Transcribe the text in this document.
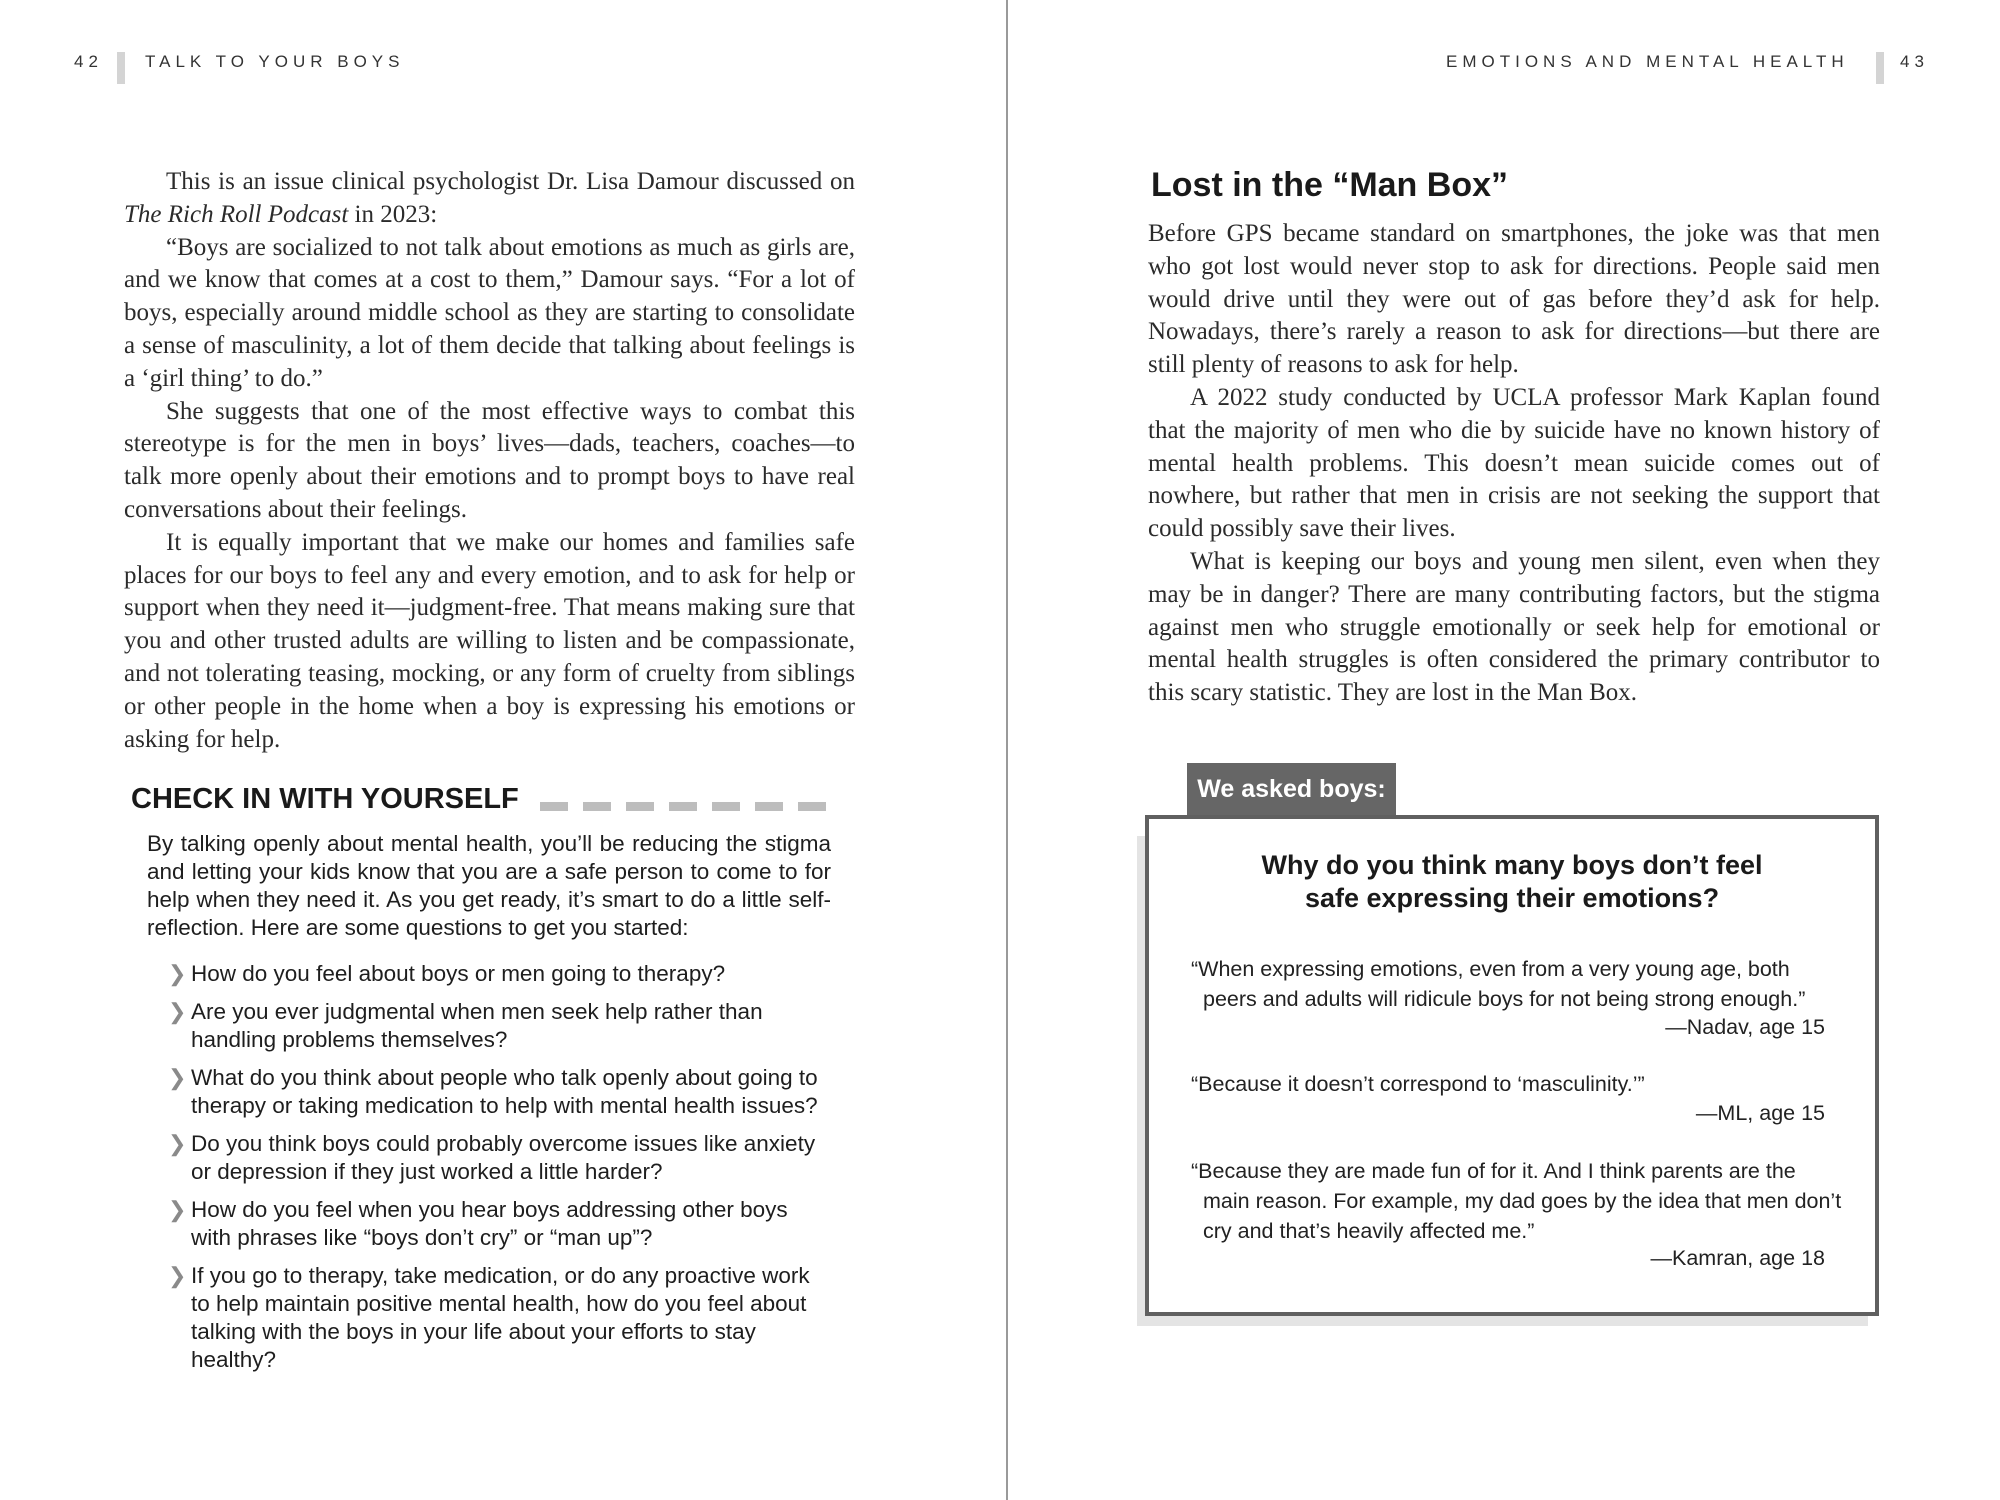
42 TALK TO YOUR BOYS

This is an issue clinical psychologist Dr. Lisa Damour discussed on The Rich Roll Podcast in 2023:

“Boys are socialized to not talk about emotions as much as girls are, and we know that comes at a cost to them,” Damour says. “For a lot of boys, especially around middle school as they are starting to consolidate a sense of masculinity, a lot of them decide that talking about feelings is a ‘girl thing’ to do.”

She suggests that one of the most effective ways to combat this stereotype is for the men in boys’ lives—dads, teachers, coaches—to talk more openly about their emotions and to prompt boys to have real conversations about their feelings.

It is equally important that we make our homes and families safe places for our boys to feel any and every emotion, and to ask for help or support when they need it—judgment-free. That means making sure that you and other trusted adults are willing to listen and be compassionate, and not tolerating teasing, mocking, or any form of cruelty from siblings or other people in the home when a boy is expressing his emotions or asking for help.

CHECK IN WITH YOURSELF
By talking openly about mental health, you’ll be reducing the stigma and letting your kids know that you are a safe person to come to for help when they need it. As you get ready, it’s smart to do a little self-reflection. Here are some questions to get you started:
❯ How do you feel about boys or men going to therapy?
❯ Are you ever judgmental when men seek help rather than handling problems themselves?
❯ What do you think about people who talk openly about going to therapy or taking medication to help with mental health issues?
❯ Do you think boys could probably overcome issues like anxiety or depression if they just worked a little harder?
❯ How do you feel when you hear boys addressing other boys with phrases like “boys don’t cry” or “man up”?
❯ If you go to therapy, take medication, or do any proactive work to help maintain positive mental health, how do you feel about talking with the boys in your life about your efforts to stay healthy?
EMOTIONS AND MENTAL HEALTH	43
Lost in the “Man Box”

Before GPS became standard on smartphones, the joke was that men who got lost would never stop to ask for directions. People said men would drive until they were out of gas before they’d ask for help. Nowadays, there’s rarely a reason to ask for directions—but there are still plenty of reasons to ask for help.

A 2022 study conducted by UCLA professor Mark Kaplan found that the majority of men who die by suicide have no known history of mental health problems. This doesn’t mean suicide comes out of nowhere, but rather that men in crisis are not seeking the support that could possibly save their lives.

What is keeping our boys and young men silent, even when they may be in danger? There are many contributing factors, but the stigma against men who struggle emotionally or seek help for emotional or mental health struggles is often considered the primary contributor to this scary statistic. They are lost in the Man Box.

We asked boys:
Why do you think many boys don’t feel
safe expressing their emotions?
“When expressing emotions, even from a very young age, both peers and adults will ridicule boys for not being strong enough.”
—Nadav, age 15
“Because it doesn’t correspond to ‘masculinity.’”
—ML, age 15
“Because they are made fun of for it. And I think parents are the main reason. For example, my dad goes by the idea that men don’t cry and that’s heavily affected me.”
—Kamran, age 18
